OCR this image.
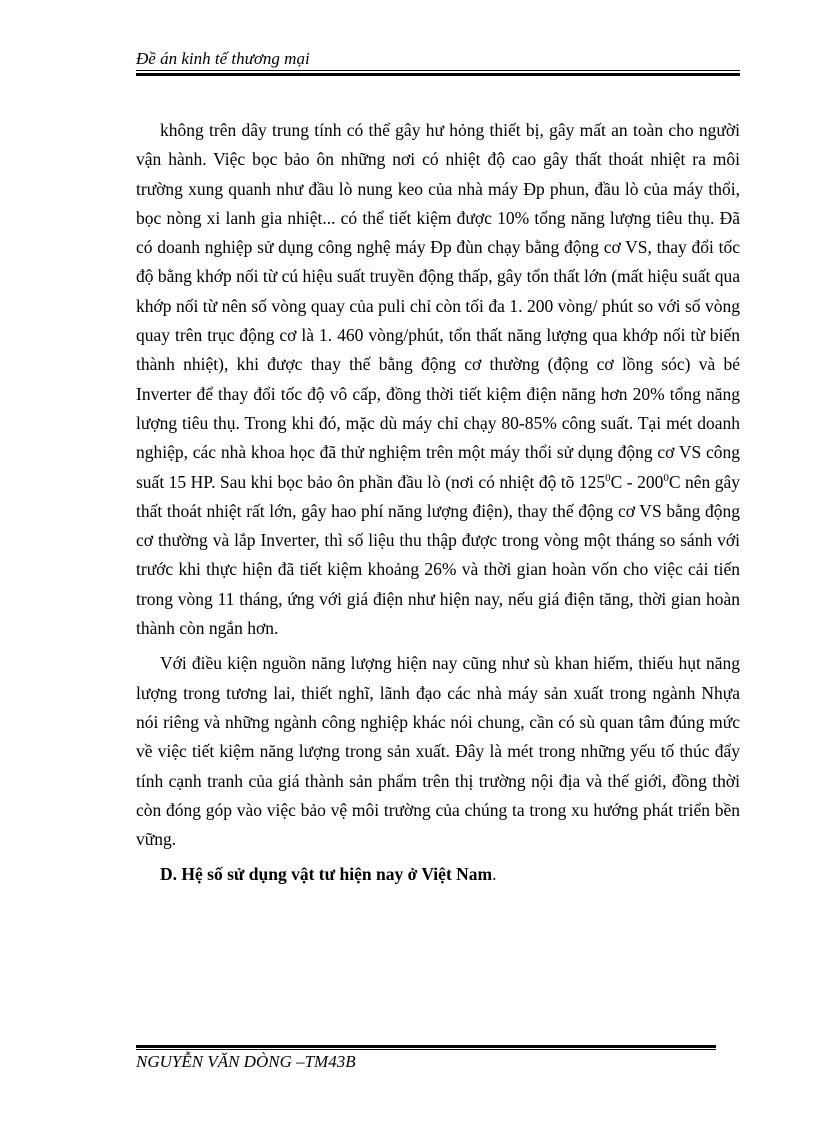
Đề án kinh tế thương mại

không trên dây trung tính có thể gây hư hỏng thiết bị, gây mất an toàn cho người vận hành. Việc bọc bảo ôn những nơi có nhiệt độ cao gây thất thoát nhiệt ra môi trường xung quanh như đầu lò nung keo của nhà máy Đp phun, đầu lò của máy thổi, bọc nòng xi lanh gia nhiệt... có thể tiết kiệm được 10% tổng năng lượng tiêu thụ. Đã có doanh nghiệp sử dụng công nghệ máy Đp đùn chạy bằng động cơ VS, thay đổi tốc độ bằng khớp nối từ cú hiệu suất truyền động thấp, gây tổn thất lớn (mất hiệu suất qua khớp nối từ nên số vòng quay của puli chỉ còn tối đa 1. 200 vòng/ phút so với số vòng quay trên trục động cơ là 1. 460 vòng/phút, tổn thất năng lượng qua khớp nối từ biến thành nhiệt), khi được thay thế bằng động cơ thường (động cơ lồng sóc) và bé Inverter để thay đổi tốc độ vô cấp, đồng thời tiết kiệm điện năng hơn 20% tổng năng lượng tiêu thụ. Trong khi đó, mặc dù máy chỉ chạy 80-85% công suất. Tại mét doanh nghiệp, các nhà khoa học đã thử nghiệm trên một máy thổi sử dụng động cơ VS công suất 15 HP. Sau khi bọc bảo ôn phần đầu lò (nơi có nhiệt độ tõ $125^0C - 200^0C$ nên gây thất thoát nhiệt rất lớn, gây hao phí năng lượng điện), thay thế động cơ VS bằng động cơ thường và lắp Inverter, thì số liệu thu thập được trong vòng một tháng so sánh với trước khi thực hiện đã tiết kiệm khoảng 26% và thời gian hoàn vốn cho việc cải tiến trong vòng 11 tháng, ứng với giá điện như hiện nay, nếu giá điện tăng, thời gian hoàn thành còn ngắn hơn.

Với điều kiện nguồn năng lượng hiện nay cũng như sù khan hiếm, thiếu hụt năng lượng trong tương lai, thiết nghĩ, lãnh đạo các nhà máy sản xuất trong ngành Nhựa nói riêng và những ngành công nghiệp khác nói chung, cần có sù quan tâm đúng mức về việc tiết kiệm năng lượng trong sản xuất. Đây là mét trong những yếu tố thúc đẩy tính cạnh tranh của giá thành sản phẩm trên thị trường nội địa và thế giới, đồng thời còn đóng góp vào việc bảo vệ môi trường của chúng ta trong xu hướng phát triển bền vững.

D. Hệ số sử dụng vật tư hiện nay ở Việt Nam.

NGUYỄN VĂN DÒNG –TM43B
